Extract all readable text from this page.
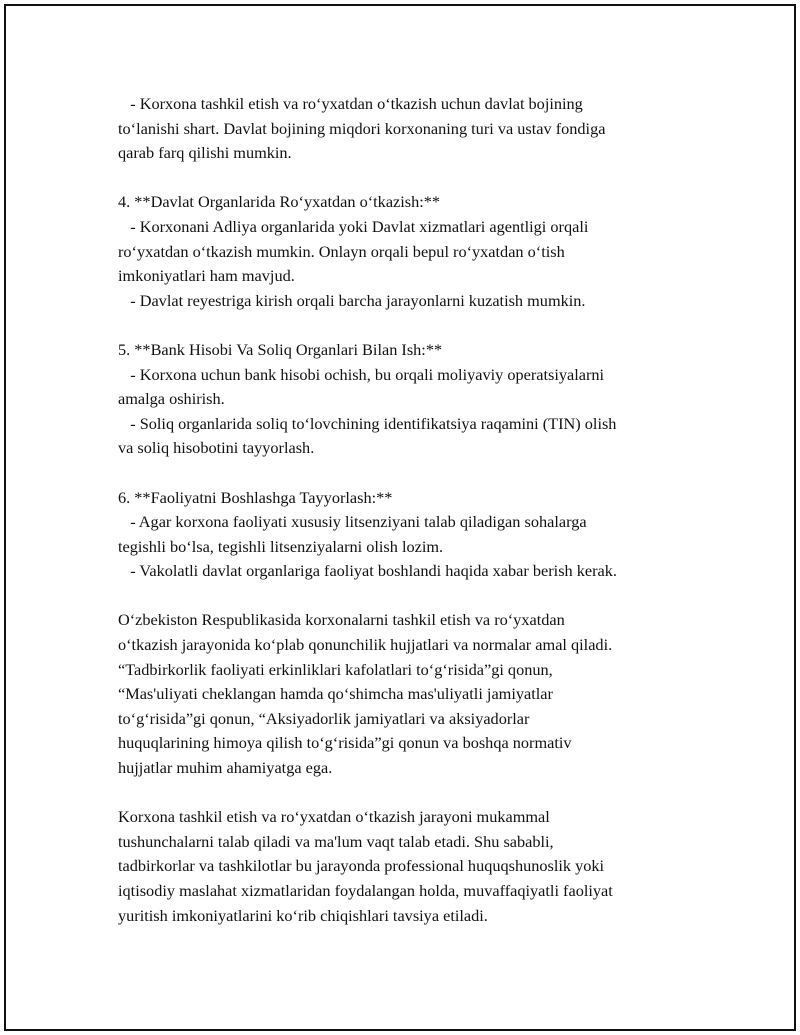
- Korxona tashkil etish va roʻyxatdan oʻtkazish uchun davlat bojining
toʻlanishi shart. Davlat bojining miqdori korxonaning turi va ustav fondiga
qarab farq qilishi mumkin.
4. **Davlat Organlarida Roʻyxatdan oʻtkazish:**
- Korxonani Adliya organlarida yoki Davlat xizmatlari agentligi orqali
roʻyxatdan oʻtkazish mumkin. Onlayn orqali bepul roʻyxatdan oʻtish
imkoniyatlari ham mavjud.
- Davlat reyestriga kirish orqali barcha jarayonlarni kuzatish mumkin.
5. **Bank Hisobi Va Soliq Organlari Bilan Ish:**
- Korxona uchun bank hisobi ochish, bu orqali moliyaviy operatsiyalarni
amalga oshirish.
- Soliq organlarida soliq toʻlovchining identifikatsiya raqamini (TIN) olish
va soliq hisobotini tayyorlash.
6. **Faoliyatni Boshlashga Tayyorlash:**
- Agar korxona faoliyati xususiy litsenziyani talab qiladigan sohalarga
tegishli boʻlsa, tegishli litsenziyalarni olish lozim.
- Vakolatli davlat organlariga faoliyat boshlandi haqida xabar berish kerak.
Oʻzbekiston Respublikasida korxonalarni tashkil etish va roʻyxatdan
oʻtkazish jarayonida koʻplab qonunchilik hujjatlari va normalar amal qiladi.
“Tadbirkorlik faoliyati erkinliklari kafolatlari toʻgʻrisida”gi qonun,
“Mas'uliyati cheklangan hamda qoʻshimcha mas'uliyatli jamiyatlar
toʻgʻrisida”gi qonun, “Aksiyadorlik jamiyatlari va aksiyadorlar
huquqlarining himoya qilish toʻgʻrisida”gi qonun va boshqa normativ
hujjatlar muhim ahamiyatga ega.
Korxona tashkil etish va roʻyxatdan oʻtkazish jarayoni mukammal
tushunchalarni talab qiladi va ma'lum vaqt talab etadi. Shu sababli,
tadbirkorlar va tashkilotlar bu jarayonda professional huquqshunoslik yoki
iqtisodiy maslahat xizmatlaridan foydalangan holda, muvaffaqiyatli faoliyat
yuritish imkoniyatlarini koʻrib chiqishlari tavsiya etiladi.
